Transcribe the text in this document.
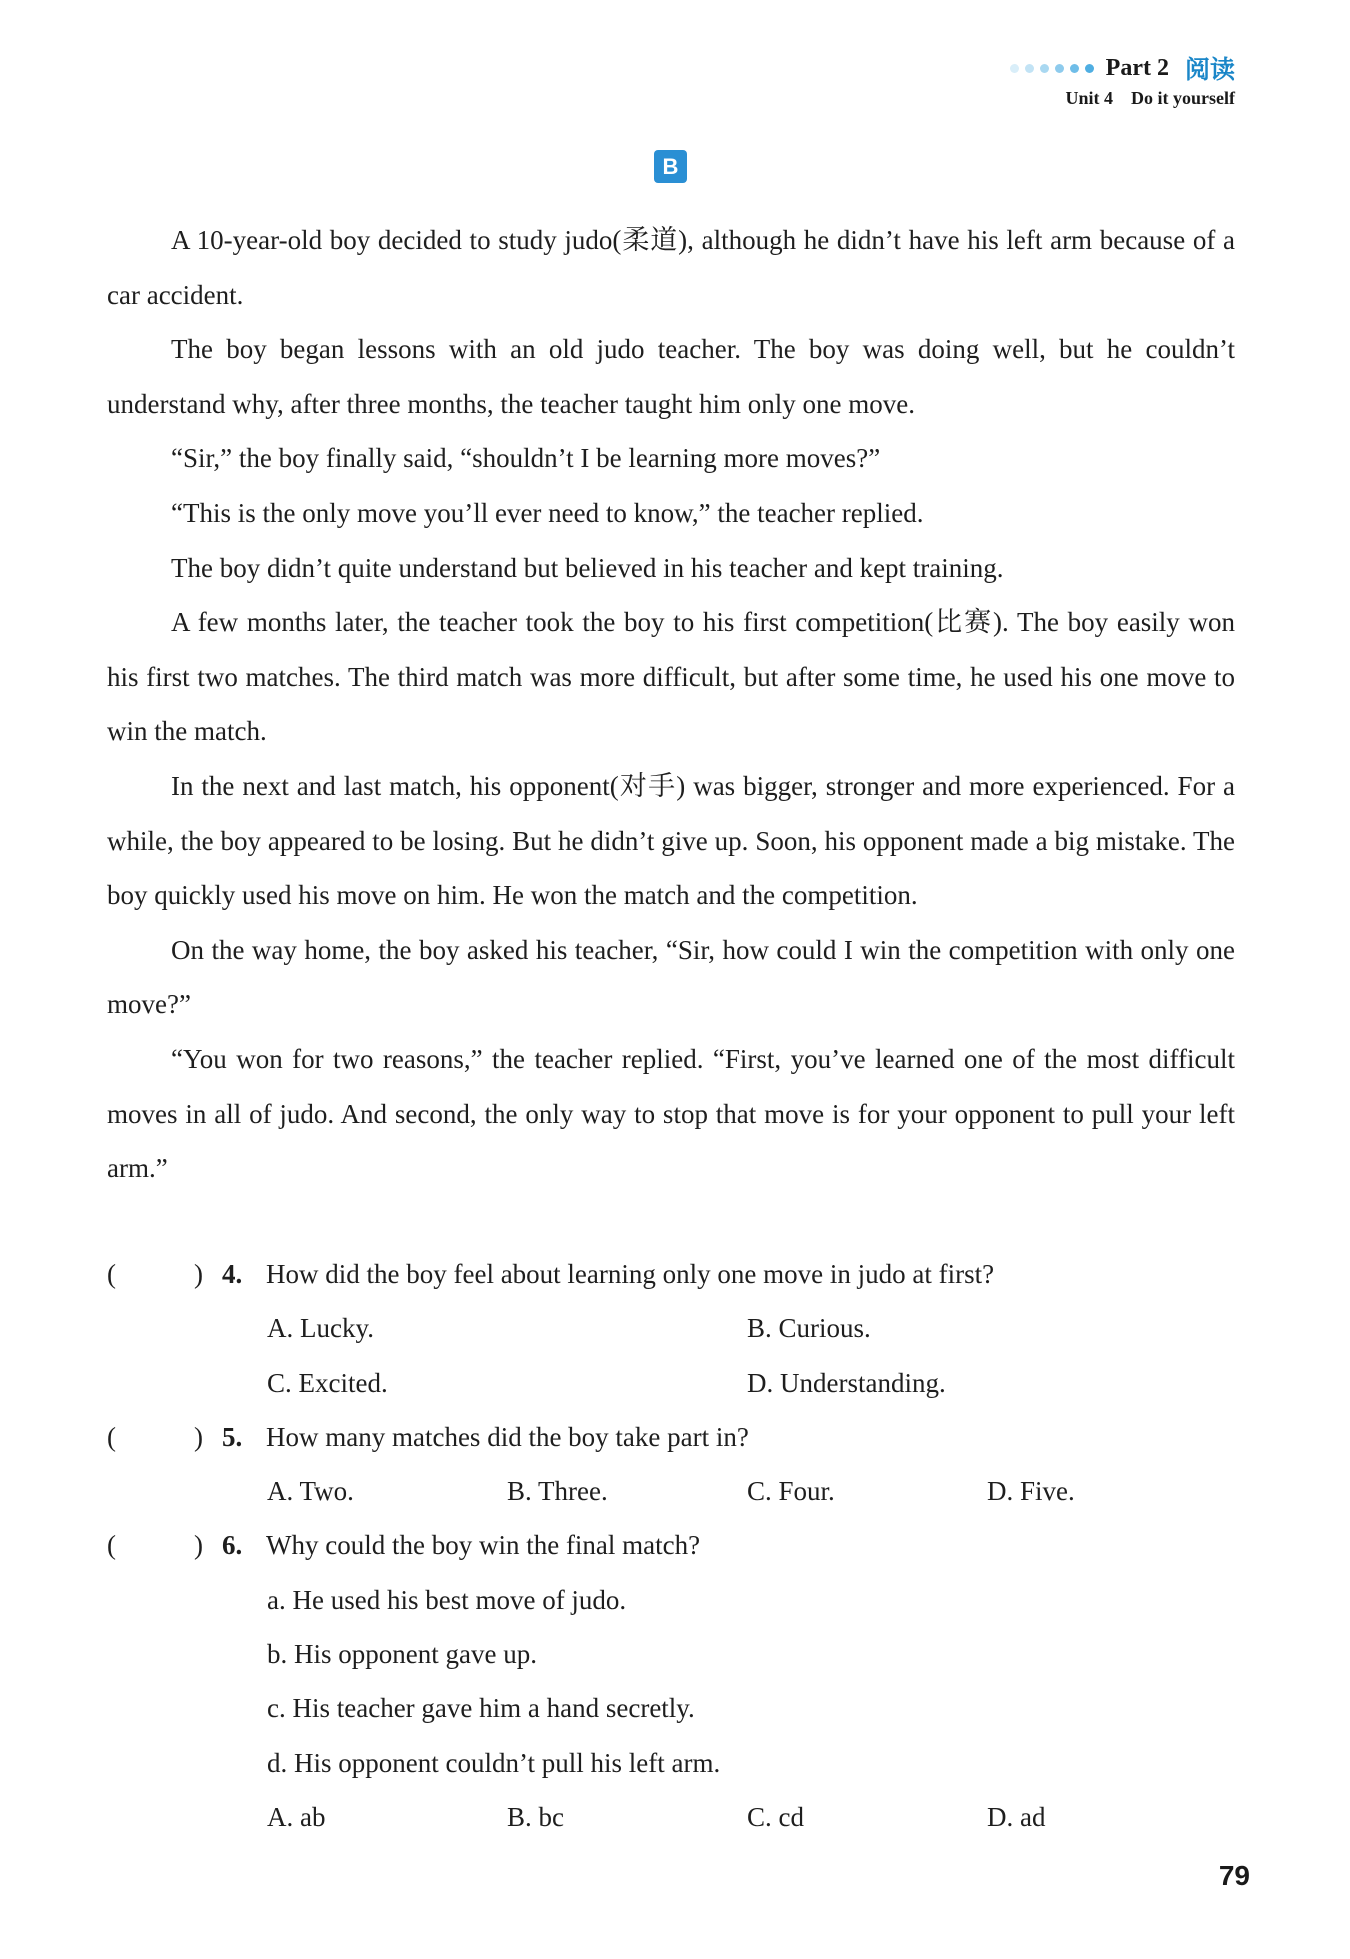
Part 2 阅读
Unit 4 Do it yourself
B

A 10-year-old boy decided to study judo(柔道), although he didn’t have his left arm because of a car accident.

The boy began lessons with an old judo teacher. The boy was doing well, but he couldn’t understand why, after three months, the teacher taught him only one move.

“Sir,” the boy finally said, “shouldn’t I be learning more moves?”

“This is the only move you’ll ever need to know,” the teacher replied.

The boy didn’t quite understand but believed in his teacher and kept training.

A few months later, the teacher took the boy to his first competition(比赛). The boy easily won his first two matches. The third match was more difficult, but after some time, he used his one move to win the match.

In the next and last match, his opponent(对手) was bigger, stronger and more experienced. For a while, the boy appeared to be losing. But he didn’t give up. Soon, his opponent made a big mistake. The boy quickly used his move on him. He won the match and the competition.

On the way home, the boy asked his teacher, “Sir, how could I win the competition with only one move?”

“You won for two reasons,” the teacher replied. “First, you’ve learned one of the most difficult moves in all of judo. And second, the only way to stop that move is for your opponent to pull your left arm.”

(	) 4. How did the boy feel about learning only one move in judo at first?
A. Lucky.	B. Curious.
C. Excited.	D. Understanding.
(	) 5. How many matches did the boy take part in?
A. Two.	B. Three.	C. Four.	D. Five.
(	) 6. Why could the boy win the final match?
a. He used his best move of judo.
b. His opponent gave up.
c. His teacher gave him a hand secretly.
d. His opponent couldn’t pull his left arm.
A. ab	B. bc	C. cd	D. ad
79
